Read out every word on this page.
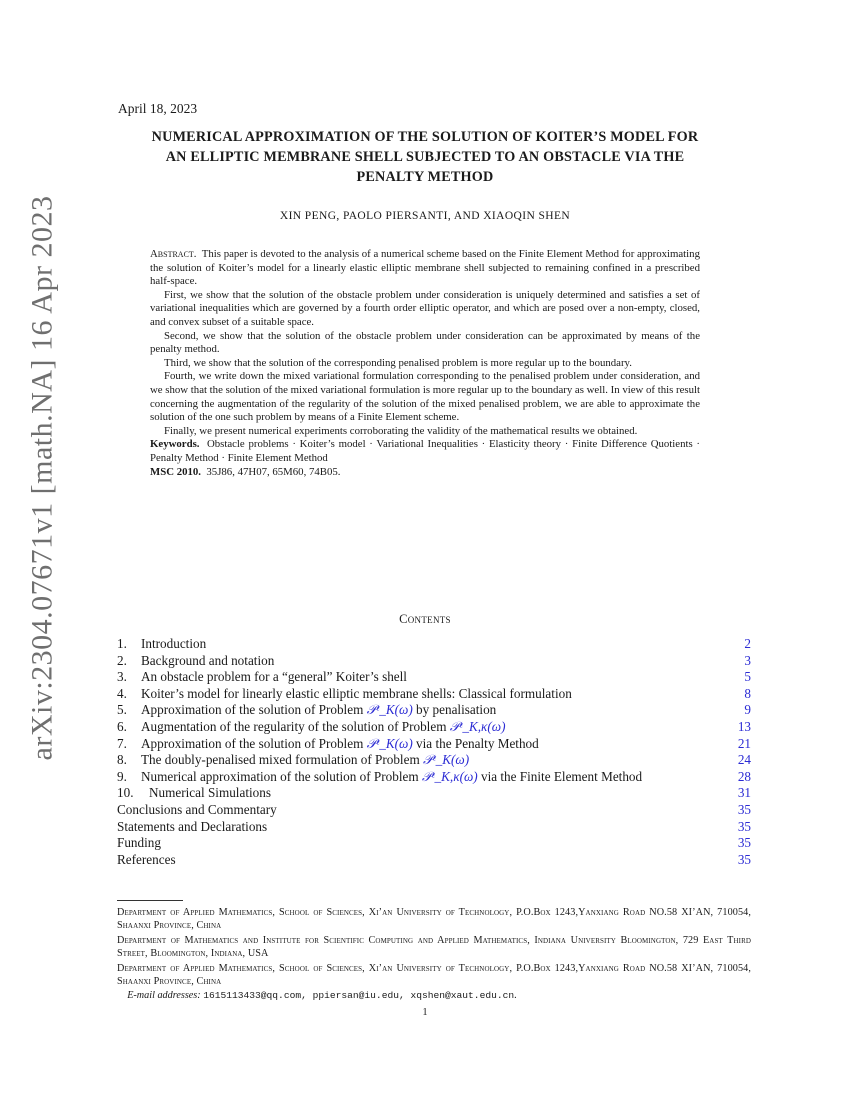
arXiv:2304.07671v1 [math.NA] 16 Apr 2023
April 18, 2023
NUMERICAL APPROXIMATION OF THE SOLUTION OF KOITER’S MODEL FOR
AN ELLIPTIC MEMBRANE SHELL SUBJECTED TO AN OBSTACLE VIA THE
PENALTY METHOD
XIN PENG, PAOLO PIERSANTI, AND XIAOQIN SHEN

Abstract. This paper is devoted to the analysis of a numerical scheme based on the Finite Element Method for approximating the solution of Koiter’s model for a linearly elastic elliptic membrane shell subjected to remaining confined in a prescribed half-space.

First, we show that the solution of the obstacle problem under consideration is uniquely determined and satisfies a set of variational inequalities which are governed by a fourth order elliptic operator, and which are posed over a non-empty, closed, and convex subset of a suitable space.

Second, we show that the solution of the obstacle problem under consideration can be approximated by means of the penalty method.

Third, we show that the solution of the corresponding penalised problem is more regular up to the boundary.

Fourth, we write down the mixed variational formulation corresponding to the penalised problem under consideration, and we show that the solution of the mixed variational formulation is more regular up to the boundary as well. In view of this result concerning the augmentation of the regularity of the solution of the mixed penalised problem, we are able to approximate the solution of the one such problem by means of a Finite Element scheme.

Finally, we present numerical experiments corroborating the validity of the mathematical results we obtained.

Keywords. Obstacle problems · Koiter’s model · Variational Inequalities · Elasticity theory · Finite Difference Quotients · Penalty Method · Finite Element Method

MSC 2010. 35J86, 47H07, 65M60, 74B05.

Contents
1. Introduction	2
2. Background and notation	3
3. An obstacle problem for a “general” Koiter’s shell	5
4. Koiter’s model for linearly elastic elliptic membrane shells: Classical formulation	8
5. Approximation of the solution of Problem 𝒫ᵋ_K(ω) by penalisation	9
6. Augmentation of the regularity of the solution of Problem 𝒫ᵋ_K,κ(ω)	13
7. Approximation of the solution of Problem 𝒫ᵋ_K(ω) via the Penalty Method	21
8. The doubly-penalised mixed formulation of Problem 𝒫ᵋ_K(ω)	24
9. Numerical approximation of the solution of Problem 𝒫ᵋ_K,κ(ω) via the Finite Element Method	28
10. Numerical Simulations	31
Conclusions and Commentary	35
Statements and Declarations	35
Funding	35
References	35

Department of Applied Mathematics, School of Sciences, Xi’an University of Technology, P.O.Box 1243,Yanxiang Road NO.58 XI’AN, 710054, Shaanxi Province, China

Department of Mathematics and Institute for Scientific Computing and Applied Mathematics, Indiana University Bloomington, 729 East Third Street, Bloomington, Indiana, USA

Department of Applied Mathematics, School of Sciences, Xi’an University of Technology, P.O.Box 1243,Yanxiang Road NO.58 XI’AN, 710054, Shaanxi Province, China

E-mail addresses: 1615113433@qq.com, ppiersan@iu.edu, xqshen@xaut.edu.cn.

1
